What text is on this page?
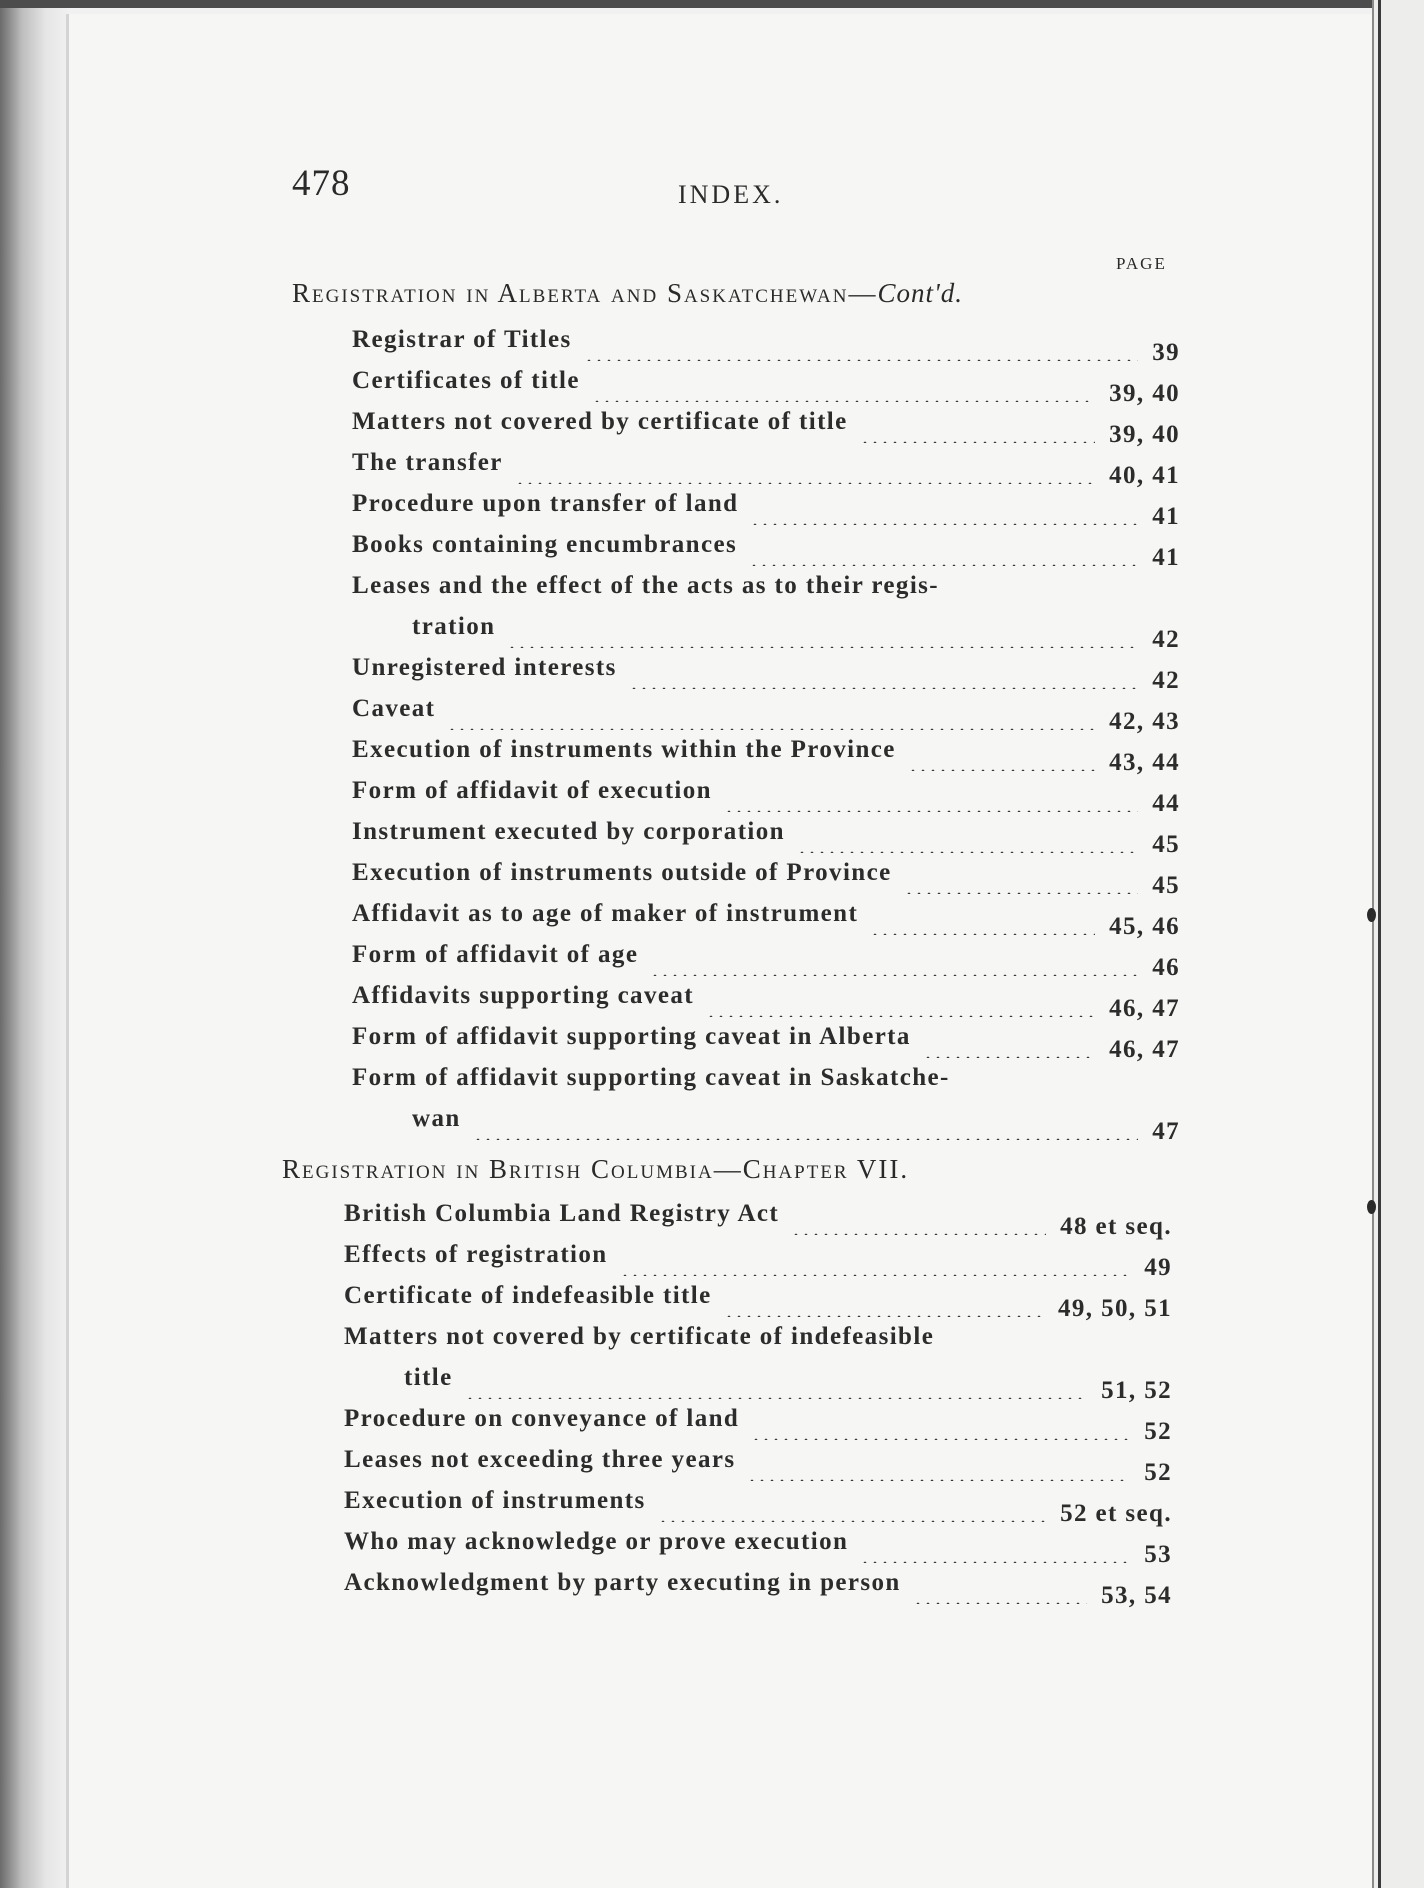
478	INDEX.
PAGE
Registration in Alberta and Saskatchewan—Cont'd.
Registrar of Titles	39
Certificates of title	39, 40
Matters not covered by certificate of title	39, 40
The transfer	40, 41
Procedure upon transfer of land	41
Books containing encumbrances	41
Leases and the effect of the acts as to their regis-
tration	42
Unregistered interests	42
Caveat	42, 43
Execution of instruments within the Province	43, 44
Form of affidavit of execution	44
Instrument executed by corporation	45
Execution of instruments outside of Province	45
Affidavit as to age of maker of instrument	45, 46
Form of affidavit of age	46
Affidavits supporting caveat	46, 47
Form of affidavit supporting caveat in Alberta	46, 47
Form of affidavit supporting caveat in Saskatche-
wan	47
Registration in British Columbia—Chapter VII.
British Columbia Land Registry Act	48 et seq.
Effects of registration	49
Certificate of indefeasible title	49, 50, 51
Matters not covered by certificate of indefeasible
title	51, 52
Procedure on conveyance of land	52
Leases not exceeding three years	52
Execution of instruments	52 et seq.
Who may acknowledge or prove execution	53
Acknowledgment by party executing in person	53, 54
